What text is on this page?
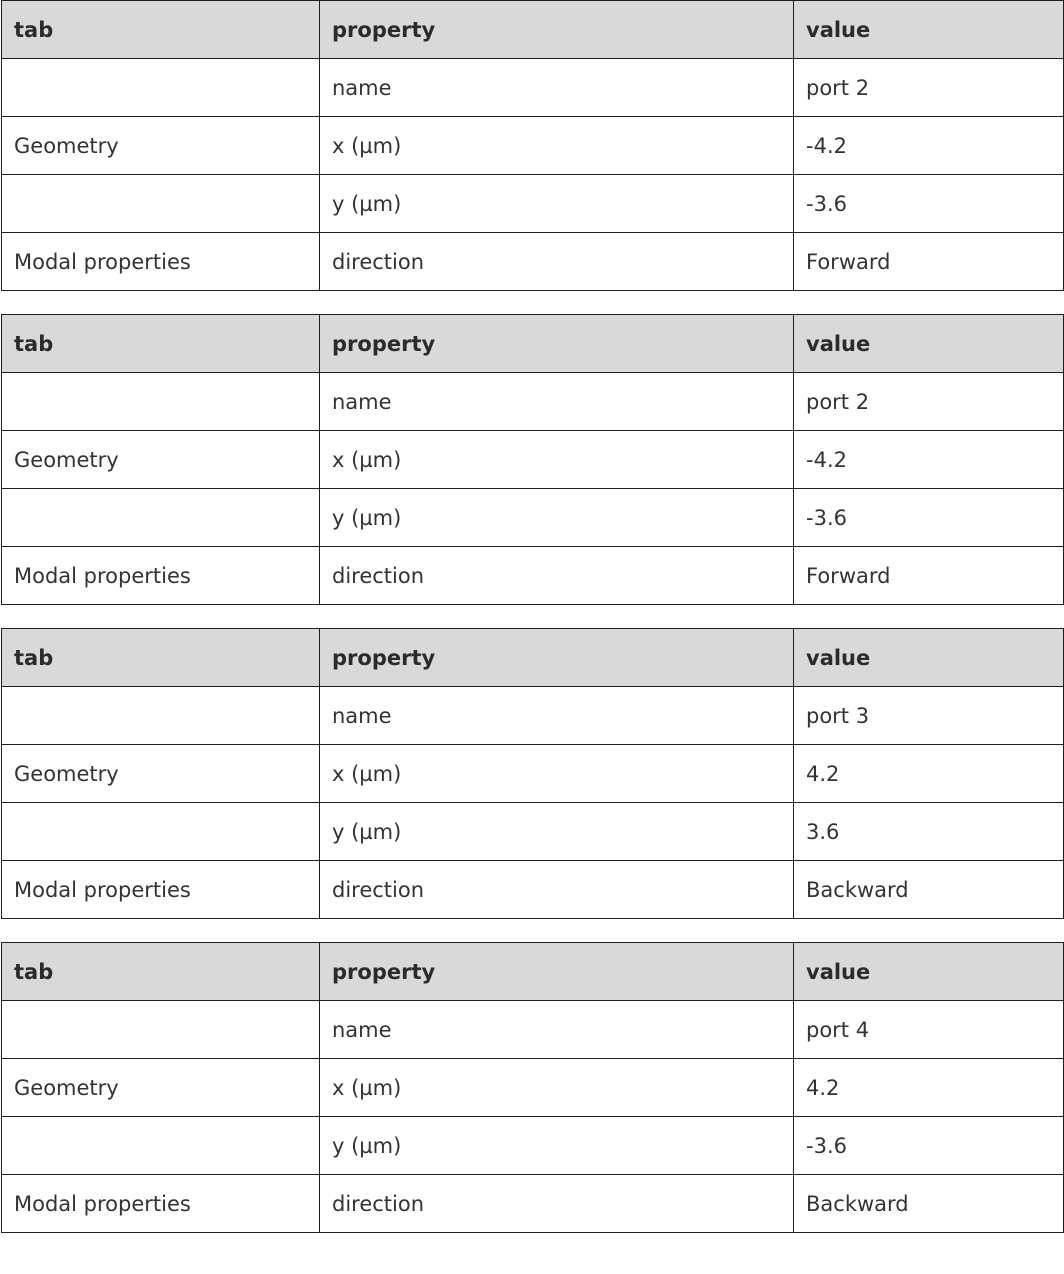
tab	property	value
	name	port 2
Geometry	x (µm)	-4.2
	y (µm)	-3.6
Modal properties	direction	Forward
tab	property	value
	name	port 2
Geometry	x (µm)	-4.2
	y (µm)	-3.6
Modal properties	direction	Forward
tab	property	value
	name	port 3
Geometry	x (µm)	4.2
	y (µm)	3.6
Modal properties	direction	Backward
tab	property	value
	name	port 4
Geometry	x (µm)	4.2
	y (µm)	-3.6
Modal properties	direction	Backward
